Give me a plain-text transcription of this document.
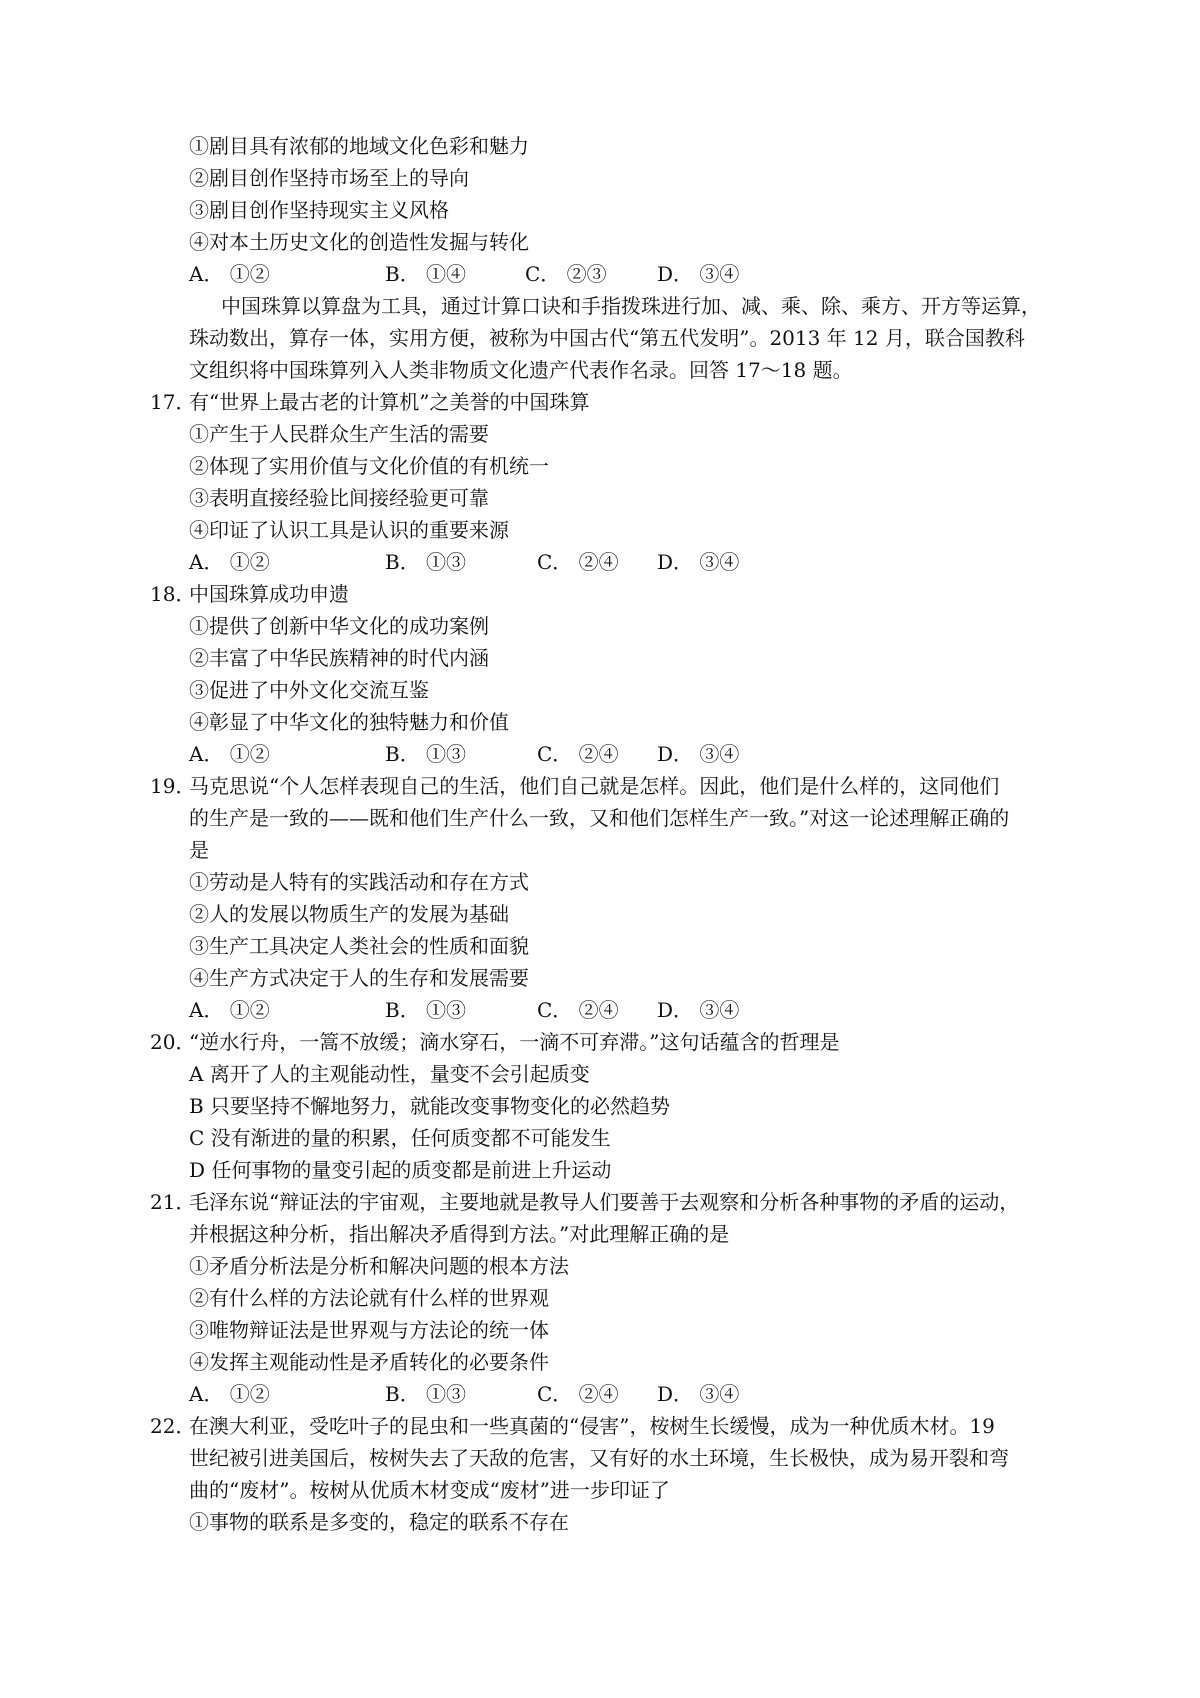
①剧目具有浓郁的地域文化色彩和魅力
②剧目创作坚持市场至上的导向
③剧目创作坚持现实主义风格
④对本土历史文化的创造性发掘与转化
A． ①②	B． ①④	C． ②③	D． ③④
中国珠算以算盘为工具，通过计算口诀和手指拨珠进行加、减、乘、除、乘方、开方等运算，
珠动数出，算存一体，实用方便，被称为中国古代“第五代发明”。2013 年 12 月，联合国教科
文组织将中国珠算列入人类非物质文化遗产代表作名录。回答 17～18 题。
17．
有“世界上最古老的计算机”之美誉的中国珠算
①产生于人民群众生产生活的需要
②体现了实用价值与文化价值的有机统一
③表明直接经验比间接经验更可靠
④印证了认识工具是认识的重要来源
A． ①②	B． ①③	C． ②④ D． ③④
18．
中国珠算成功申遗
①提供了创新中华文化的成功案例
②丰富了中华民族精神的时代内涵
③促进了中外文化交流互鉴
④彰显了中华文化的独特魅力和价值
A． ①②	B． ①③	C． ②④ D． ③④
19．
马克思说“个人怎样表现自己的生活，他们自己就是怎样。因此，他们是什么样的，这同他们
的生产是一致的——既和他们生产什么一致，又和他们怎样生产一致。”对这一论述理解正确的
是
①劳动是人特有的实践活动和存在方式
②人的发展以物质生产的发展为基础
③生产工具决定人类社会的性质和面貌
④生产方式决定于人的生存和发展需要
A． ①②	B． ①③	C． ②④ D． ③④
20．
“逆水行舟，一篙不放缓；滴水穿石，一滴不可弃滞。”这句话蕴含的哲理是
A 离开了人的主观能动性，量变不会引起质变
B 只要坚持不懈地努力，就能改变事物变化的必然趋势
C 没有渐进的量的积累，任何质变都不可能发生
D 任何事物的量变引起的质变都是前进上升运动
21．
毛泽东说“辩证法的宇宙观，主要地就是教导人们要善于去观察和分析各种事物的矛盾的运动，
并根据这种分析，指出解决矛盾得到方法。”对此理解正确的是
①矛盾分析法是分析和解决问题的根本方法
②有什么样的方法论就有什么样的世界观
③唯物辩证法是世界观与方法论的统一体
④发挥主观能动性是矛盾转化的必要条件
A． ①②	B． ①③	C． ②④ D． ③④
22．
在澳大利亚，受吃叶子的昆虫和一些真菌的“侵害”，桉树生长缓慢，成为一种优质木材。19
世纪被引进美国后，桉树失去了天敌的危害，又有好的水土环境，生长极快，成为易开裂和弯
曲的“废材”。桉树从优质木材变成“废材”进一步印证了
①事物的联系是多变的，稳定的联系不存在
